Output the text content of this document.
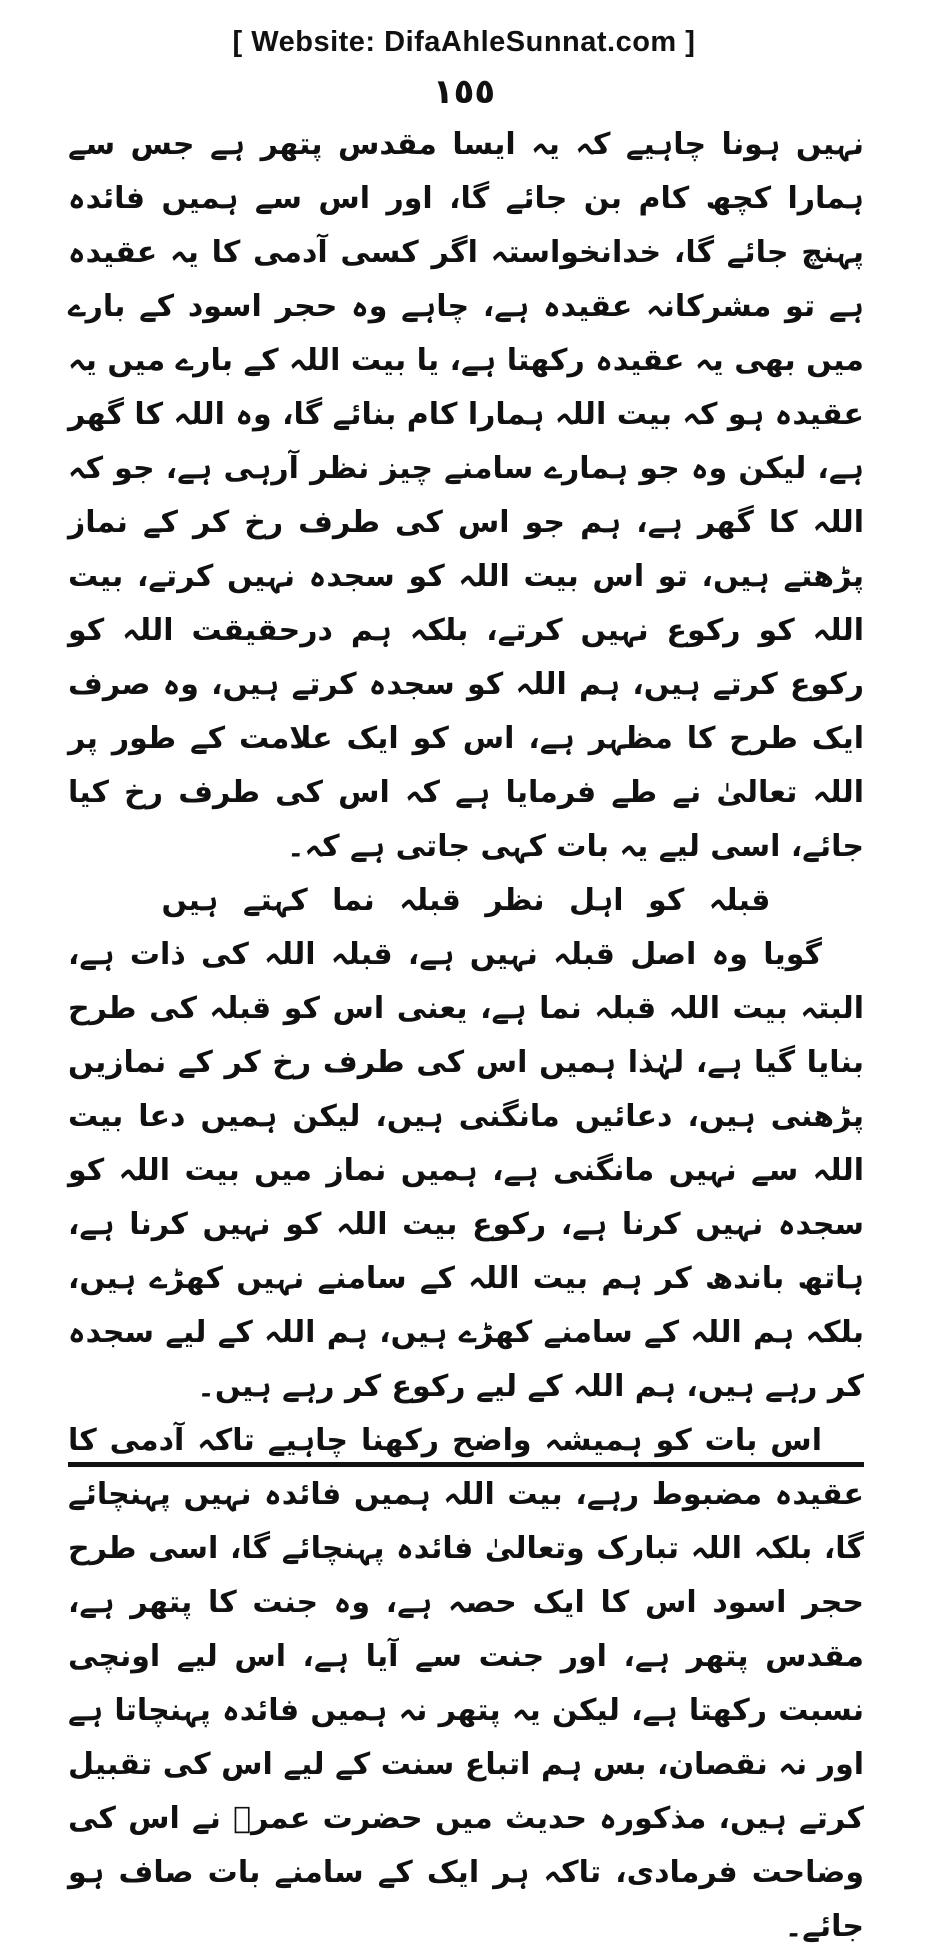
[ Website: DifaAhleSunnat.com ]
١٥٥

نہیں ہونا چاہیے کہ یہ ایسا مقدس پتھر ہے جس سے ہمارا کچھ کام بن جائے گا، اور اس سے ہمیں فائدہ پہنچ جائے گا، خدانخواستہ اگر کسی آدمی کا یہ عقیدہ ہے تو مشرکانہ عقیدہ ہے، چاہے وہ حجر اسود کے بارے میں بھی یہ عقیدہ رکھتا ہے، یا بیت اللہ کے بارے میں یہ عقیدہ ہو کہ بیت اللہ ہمارا کام بنائے گا، وہ اللہ کا گھر ہے، لیکن وہ جو ہمارے سامنے چیز نظر آرہی ہے، جو کہ اللہ کا گھر ہے، ہم جو اس کی طرف رخ کر کے نماز پڑھتے ہیں، تو اس بیت اللہ کو سجدہ نہیں کرتے، بیت اللہ کو رکوع نہیں کرتے، بلکہ ہم درحقیقت اللہ کو رکوع کرتے ہیں، ہم اللہ کو سجدہ کرتے ہیں، وہ صرف ایک طرح کا مظہر ہے، اس کو ایک علامت کے طور پر اللہ تعالیٰ نے طے فرمایا ہے کہ اس کی طرف رخ کیا جائے، اسی لیے یہ بات کہی جاتی ہے کہ۔

قبلہ کو اہل نظر قبلہ نما کہتے ہیں

گویا وہ اصل قبلہ نہیں ہے، قبلہ اللہ کی ذات ہے، البتہ بیت اللہ قبلہ نما ہے، یعنی اس کو قبلہ کی طرح بنایا گیا ہے، لہٰذا ہمیں اس کی طرف رخ کر کے نمازیں پڑھنی ہیں، دعائیں مانگنی ہیں، لیکن ہمیں دعا بیت اللہ سے نہیں مانگنی ہے، ہمیں نماز میں بیت اللہ کو سجدہ نہیں کرنا ہے، رکوع بیت اللہ کو نہیں کرنا ہے، ہاتھ باندھ کر ہم بیت اللہ کے سامنے نہیں کھڑے ہیں، بلکہ ہم اللہ کے سامنے کھڑے ہیں، ہم اللہ کے لیے سجدہ کر رہے ہیں، ہم اللہ کے لیے رکوع کر رہے ہیں۔

اس بات کو ہمیشہ واضح رکھنا چاہیے تاکہ آدمی کا عقیدہ مضبوط رہے، بیت اللہ ہمیں فائدہ نہیں پہنچائے گا، بلکہ اللہ تبارک وتعالیٰ فائدہ پہنچائے گا، اسی طرح حجر اسود اس کا ایک حصہ ہے، وہ جنت کا پتھر ہے، مقدس پتھر ہے، اور جنت سے آیا ہے، اس لیے اونچی نسبت رکھتا ہے، لیکن یہ پتھر نہ ہمیں فائدہ پہنچاتا ہے اور نہ نقصان، بس ہم اتباع سنت کے لیے اس کی تقبیل کرتے ہیں، مذکورہ حدیث میں حضرت عمرؓ نے اس کی وضاحت فرمادی، تاکہ ہر ایک کے سامنے بات صاف ہو جائے۔
